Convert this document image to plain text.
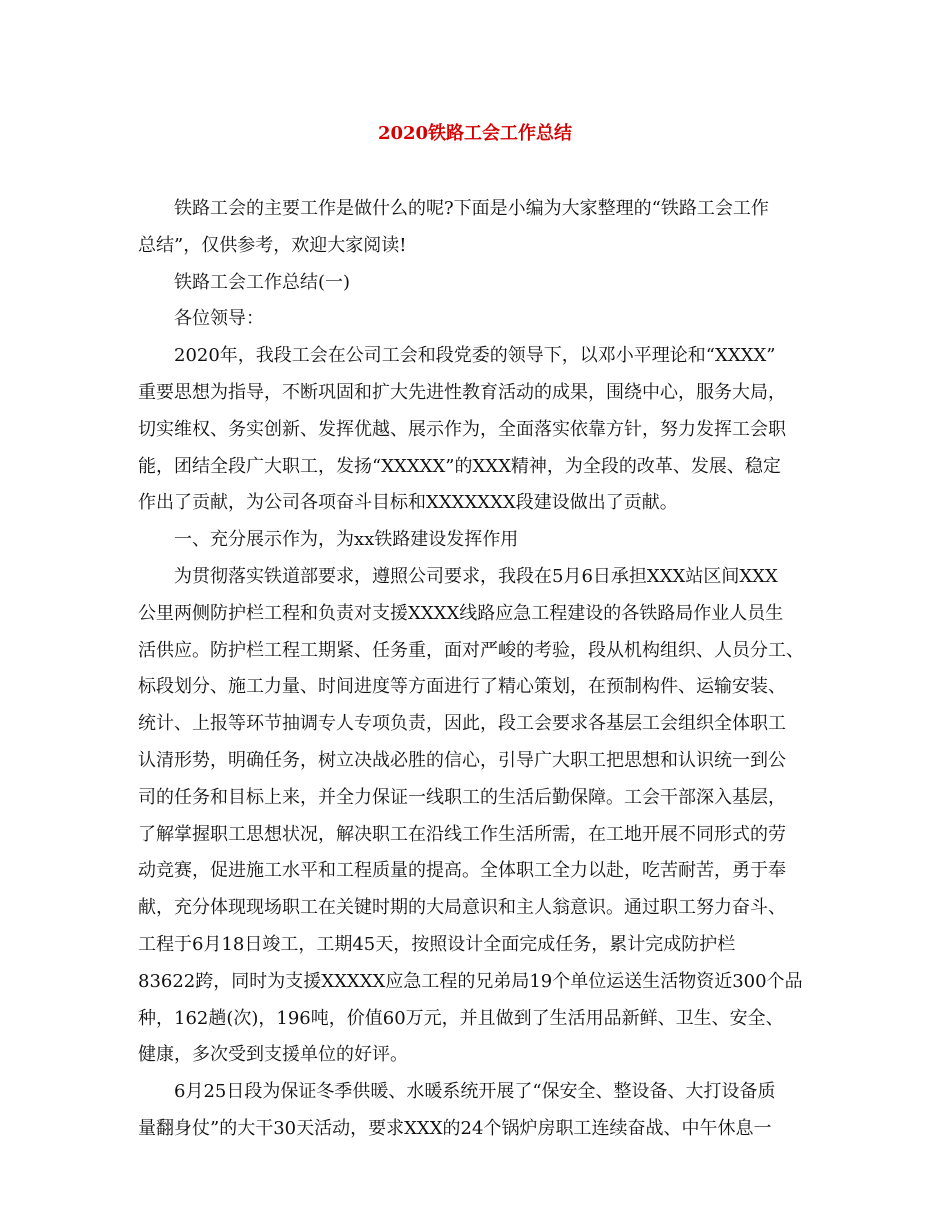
2020铁路工会工作总结
铁路工会的主要工作是做什么的呢?下面是小编为大家整理的“铁路工会工作
总结”，仅供参考，欢迎大家阅读!
铁路工会工作总结(一)
各位领导：
2020年，我段工会在公司工会和段党委的领导下，以邓小平理论和“XXXX”
重要思想为指导，不断巩固和扩大先进性教育活动的成果，围绕中心，服务大局，
切实维权、务实创新、发挥优越、展示作为，全面落实依靠方针，努力发挥工会职
能，团结全段广大职工，发扬“XXXXX”的XXX精神，为全段的改革、发展、稳定
作出了贡献，为公司各项奋斗目标和XXXXXXX段建设做出了贡献。
一、充分展示作为，为xx铁路建设发挥作用
为贯彻落实铁道部要求，遵照公司要求，我段在5月6日承担XXX站区间XXX
公里两侧防护栏工程和负责对支援XXXX线路应急工程建设的各铁路局作业人员生
活供应。防护栏工程工期紧、任务重，面对严峻的考验，段从机构组织、人员分工、
标段划分、施工力量、时间进度等方面进行了精心策划，在预制构件、运输安装、
统计、上报等环节抽调专人专项负责，因此，段工会要求各基层工会组织全体职工
认清形势，明确任务，树立决战必胜的信心，引导广大职工把思想和认识统一到公
司的任务和目标上来，并全力保证一线职工的生活后勤保障。工会干部深入基层，
了解掌握职工思想状况，解决职工在沿线工作生活所需，在工地开展不同形式的劳
动竞赛，促进施工水平和工程质量的提高。全体职工全力以赴，吃苦耐苦，勇于奉
献，充分体现现场职工在关键时期的大局意识和主人翁意识。通过职工努力奋斗、
工程于6月18日竣工，工期45天，按照设计全面完成任务，累计完成防护栏
83622跨，同时为支援XXXXX应急工程的兄弟局19个单位运送生活物资近300个品
种，162趟(次)，196吨，价值60万元，并且做到了生活用品新鲜、卫生、安全、
健康，多次受到支援单位的好评。
6月25日段为保证冬季供暖、水暖系统开展了“保安全、整设备、大打设备质
量翻身仗”的大干30天活动，要求XXX的24个锅炉房职工连续奋战、中午休息一
